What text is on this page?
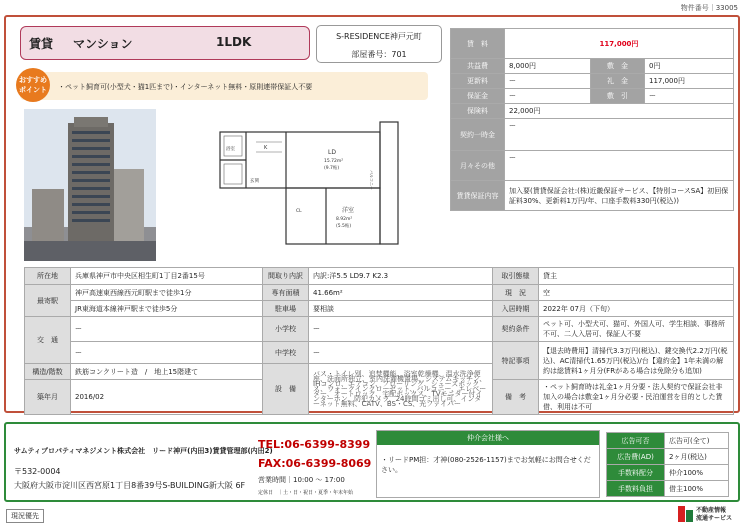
物件番号｜33005
賃貸 マンション	1LDK	S-RESIDENCE神戸元町
部屋番号：701
おすすめ
ポイント	・ペット飼育可(小型犬・猫1匹まで)・インターネット無料・原則連帯保証人不要
LD
15.72m²
(9.7帖)
洋室
8.92m²
(5.5帖)
K
玄関
浴室
CL
バルコニー
賃　料	117,000円		
共益費	8,000円	敷　金	0円
更新料	ー	礼　金	117,000円
保証金	ー	敷　引	ー
保険料	22,000円		
契約一時金	ー		
月々その他	ー		
賃貸保証内容	加入要(賃貸保証会社:(株)近畿保証サービス、【特別コースSA】初回保証料30%、更新料1万円/年、口座手数料330円(税込))		
所在地	兵庫県神戸市中央区相生町1丁目2番15号	間取り内訳	内訳:洋5.5 LD9.7 K2.3	取引態様	貸主
最寄駅	神戸高速東西線西元町駅まで徒歩1分	専有面積	41.66m²	現　況	空
	JR東海道本線神戸駅まで徒歩5分	駐車場	要相談	入居時期	2022年 07月（下旬）
交　通	ー	小学校	ー	契約条件	ペット可、小型犬可、猫可、外国人可、学生相談、事務所不可、二人入居可、保証人不要
	ー	中学校	ー	特記事項	【退去時費用】清掃代3.3万円(税込)、鍵交換代2.2万円(税込)、AC清掃代1.65万円(税込)/台【違約金】1年未満の解約は総賃料1ヶ月分(FRがある場合は免除分も追加)
構造/階数	鉄筋コンクリート造　/　地上15階建て	設　備	バス・トイレ別、追焚機能、浴室乾燥機、温水洗浄便座、洗面所独立、室内洗濯機置場、システムキッチン、IHコンロ、エアコン、フローリング、シューズボックス、ウォークインクローゼット、バルコニー、エレベーター、オートロック、宅配ボックス、TVモニター付インターホン、防犯カメラ、24時間ゴミ出し可、インターネット無料、CATV、BS・CS、光ファイバー		
築年月	2016/02			備　考	・ペット飼育時は礼金1ヶ月分要・法人契約で保証会社非加入の場合は敷金1ヶ月分必要・民泊運営を目的とした賃借、利用は不可
サムティプロパティマネジメント株式会社　リード神戸(内田3)賃貸管理部(内田2)
〒532-0004
大阪府大阪市淀川区西宮原1丁目8番39号S-BUILDING新大阪 6F
TEL:06-6399-8399
FAX:06-6399-8069
営業時間｜10:00 ～ 17:00
定休日　｜土・日・祝日・夏季・年末年始
仲介会社様へ
・リードPM担：才神(080-2526-1157)までお気軽にお問合せください。
広告可否	広告可(全て)
広告費(AD)	2ヶ月(税込)
手数料配分	仲介100%
手数料負担	借主100%
現況優先
不動産情報
流通サービス
